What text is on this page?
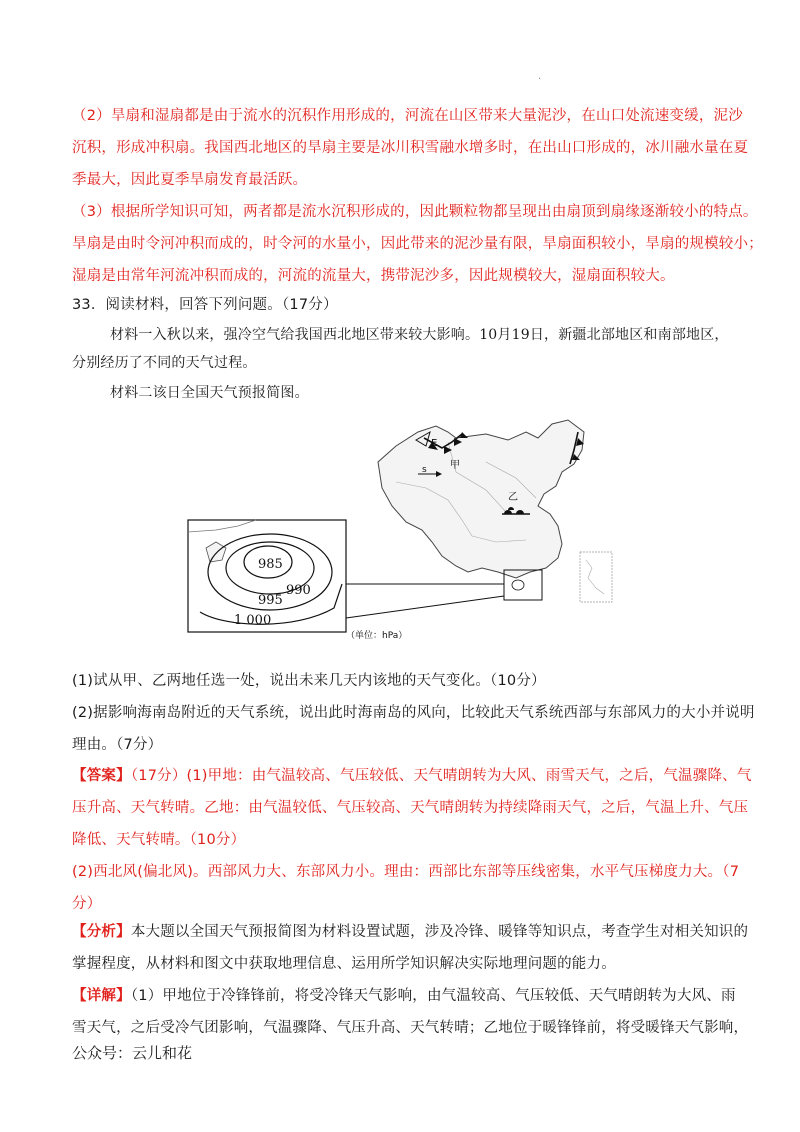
·
（2）旱扇和湿扇都是由于流水的沉积作用形成的，河流在山区带来大量泥沙，在山口处流速变缓，泥沙
沉积，形成冲积扇。我国西北地区的旱扇主要是冰川积雪融水增多时，在出山口形成的，冰川融水量在夏
季最大，因此夏季旱扇发育最活跃。
（3）根据所学知识可知，两者都是流水沉积形成的，因此颗粒物都呈现出由扇顶到扇缘逐渐较小的特点。
旱扇是由时令河冲积而成的，时令河的水量小，因此带来的泥沙量有限，旱扇面积较小，旱扇的规模较小；
湿扇是由常年河流冲积而成的，河流的流量大，携带泥沙多，因此规模较大，湿扇面积较大。
33．阅读材料，回答下列问题。（17分）
材料一入秋以来，强冷空气给我国西北地区带来较大影响。10月19日，新疆北部地区和南部地区，
分别经历了不同的天气过程。
材料二该日全国天气预报简图。
E
甲
s
乙
985
990
995
1 000
（单位：hPa）
(1)试从甲、乙两地任选一处，说出未来几天内该地的天气变化。（10分）
(2)据影响海南岛附近的天气系统，说出此时海南岛的风向，比较此天气系统西部与东部风力的大小并说明
理由。（7分）
【答案】（17分）(1)甲地：由气温较高、气压较低、天气晴朗转为大风、雨雪天气，之后，气温骤降、气
压升高、天气转晴。乙地：由气温较低、气压较高、天气晴朗转为持续降雨天气，之后，气温上升、气压
降低、天气转晴。（10分）
(2)西北风(偏北风)。西部风力大、东部风力小。理由：西部比东部等压线密集，水平气压梯度力大。（7
分）
【分析】本大题以全国天气预报简图为材料设置试题，涉及冷锋、暖锋等知识点，考查学生对相关知识的
掌握程度，从材料和图文中获取地理信息、运用所学知识解决实际地理问题的能力。
【详解】（1）甲地位于冷锋锋前，将受冷锋天气影响，由气温较高、气压较低、天气晴朗转为大风、雨
雪天气，之后受冷气团影响，气温骤降、气压升高、天气转晴；乙地位于暖锋锋前，将受暖锋天气影响，
公众号：云儿和花
